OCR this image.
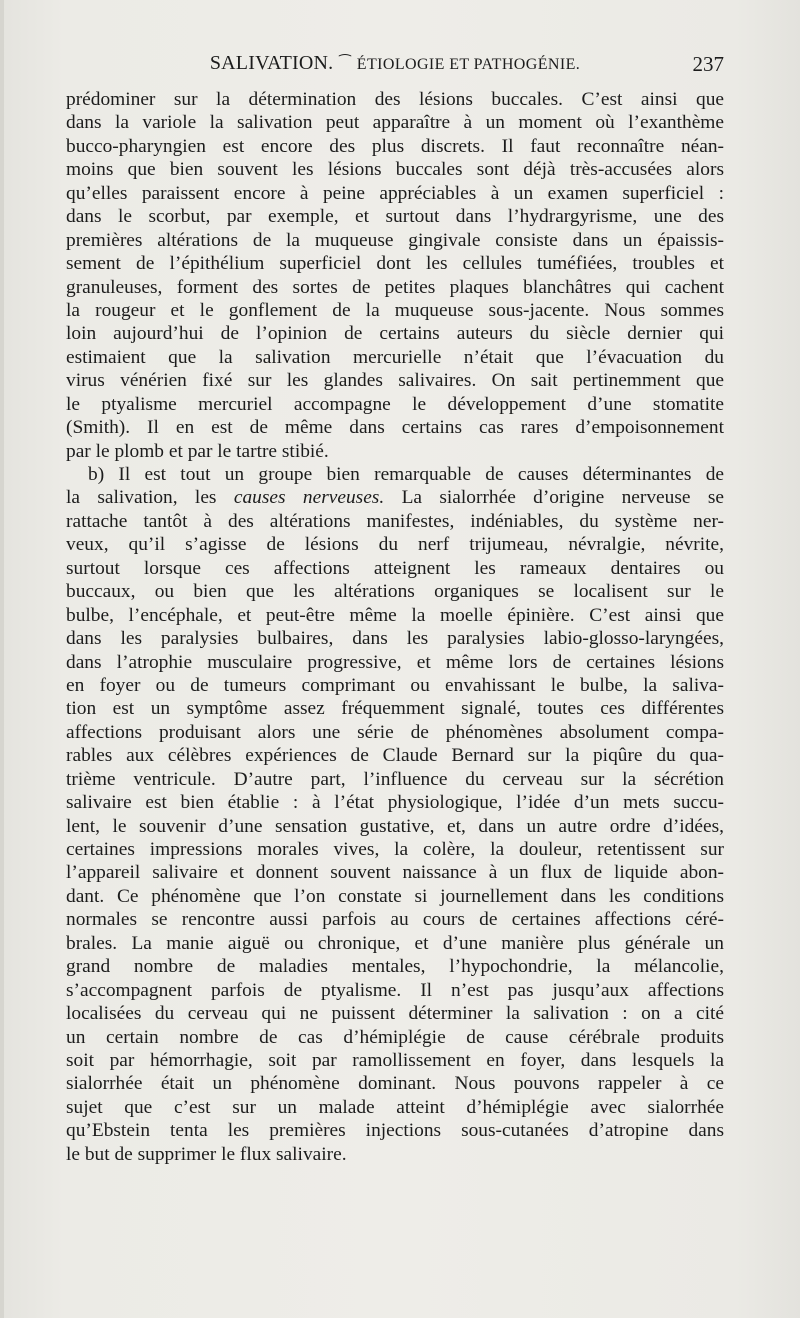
SALIVATION. ⁀ ÉTIOLOGIE ET PATHOGÉNIE.	237
prédominer sur la détermination des lésions buccales. C’est ainsi que
dans la variole la salivation peut apparaître à un moment où l’exanthème
bucco-pharyngien est encore des plus discrets. Il faut reconnaître néan-
moins que bien souvent les lésions buccales sont déjà très-accusées alors
qu’elles paraissent encore à peine appréciables à un examen superficiel :
dans le scorbut, par exemple, et surtout dans l’hydrargyrisme, une des
premières altérations de la muqueuse gingivale consiste dans un épaissis-
sement de l’épithélium superficiel dont les cellules tuméfiées, troubles et
granuleuses, forment des sortes de petites plaques blanchâtres qui cachent
la rougeur et le gonflement de la muqueuse sous-jacente. Nous sommes
loin aujourd’hui de l’opinion de certains auteurs du siècle dernier qui
estimaient que la salivation mercurielle n’était que l’évacuation du
virus vénérien fixé sur les glandes salivaires. On sait pertinemment que
le ptyalisme mercuriel accompagne le développement d’une stomatite
(Smith). Il en est de même dans certains cas rares d’empoisonnement
par le plomb et par le tartre stibié.
b) Il est tout un groupe bien remarquable de causes déterminantes de
la salivation, les causes nerveuses. La sialorrhée d’origine nerveuse se
rattache tantôt à des altérations manifestes, indéniables, du système ner-
veux, qu’il s’agisse de lésions du nerf trijumeau, névralgie, névrite,
surtout lorsque ces affections atteignent les rameaux dentaires ou
buccaux, ou bien que les altérations organiques se localisent sur le
bulbe, l’encéphale, et peut-être même la moelle épinière. C’est ainsi que
dans les paralysies bulbaires, dans les paralysies labio-glosso-laryngées,
dans l’atrophie musculaire progressive, et même lors de certaines lésions
en foyer ou de tumeurs comprimant ou envahissant le bulbe, la saliva-
tion est un symptôme assez fréquemment signalé, toutes ces différentes
affections produisant alors une série de phénomènes absolument compa-
rables aux célèbres expériences de Claude Bernard sur la piqûre du qua-
trième ventricule. D’autre part, l’influence du cerveau sur la sécrétion
salivaire est bien établie : à l’état physiologique, l’idée d’un mets succu-
lent, le souvenir d’une sensation gustative, et, dans un autre ordre d’idées,
certaines impressions morales vives, la colère, la douleur, retentissent sur
l’appareil salivaire et donnent souvent naissance à un flux de liquide abon-
dant. Ce phénomène que l’on constate si journellement dans les conditions
normales se rencontre aussi parfois au cours de certaines affections céré-
brales. La manie aiguë ou chronique, et d’une manière plus générale un
grand nombre de maladies mentales, l’hypochondrie, la mélancolie,
s’accompagnent parfois de ptyalisme. Il n’est pas jusqu’aux affections
localisées du cerveau qui ne puissent déterminer la salivation : on a cité
un certain nombre de cas d’hémiplégie de cause cérébrale produits
soit par hémorrhagie, soit par ramollissement en foyer, dans lesquels la
sialorrhée était un phénomène dominant. Nous pouvons rappeler à ce
sujet que c’est sur un malade atteint d’hémiplégie avec sialorrhée
qu’Ebstein tenta les premières injections sous-cutanées d’atropine dans
le but de supprimer le flux salivaire.
